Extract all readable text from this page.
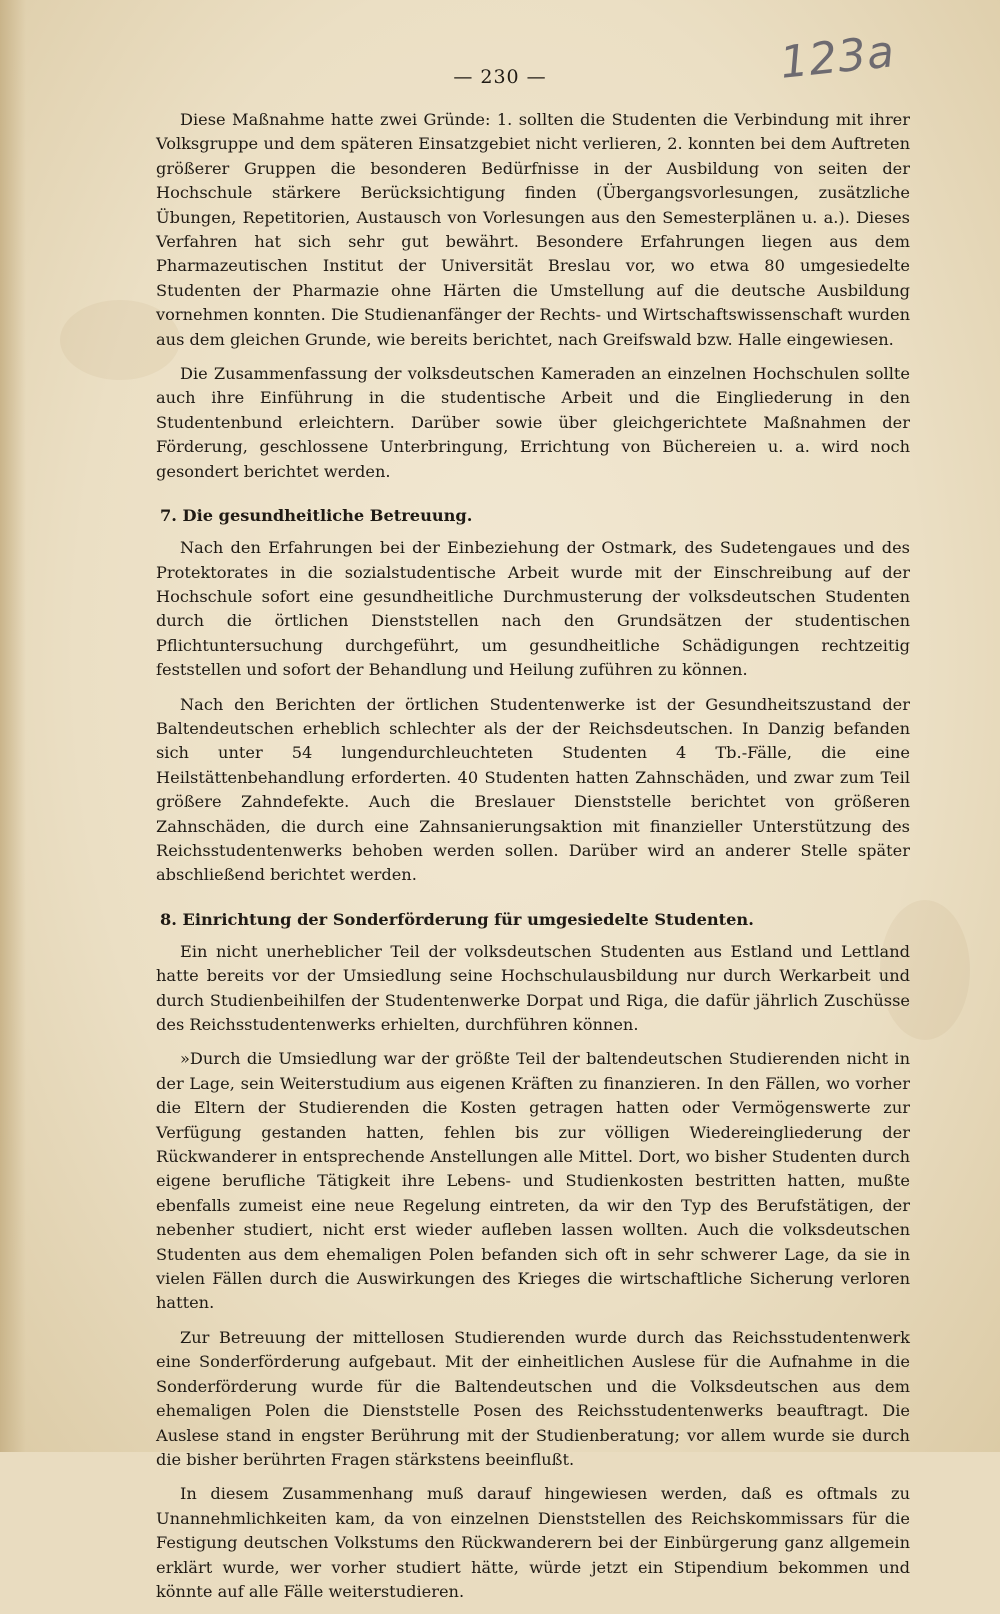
123a
— 230 —

Diese Maßnahme hatte zwei Gründe: 1. sollten die Studenten die Verbindung mit ihrer Volksgruppe und dem späteren Einsatzgebiet nicht verlieren, 2. konnten bei dem Auftreten größerer Gruppen die besonderen Bedürfnisse in der Ausbildung von seiten der Hochschule stärkere Berücksichtigung finden (Übergangsvorlesungen, zusätzliche Übungen, Repetitorien, Austausch von Vorlesungen aus den Semesterplänen u. a.). Dieses Verfahren hat sich sehr gut bewährt. Besondere Erfahrungen liegen aus dem Pharmazeutischen Institut der Universität Breslau vor, wo etwa 80 umgesiedelte Studenten der Pharmazie ohne Härten die Umstellung auf die deutsche Ausbildung vornehmen konnten. Die Studienanfänger der Rechts- und Wirtschaftswissenschaft wurden aus dem gleichen Grunde, wie bereits berichtet, nach Greifswald bzw. Halle eingewiesen.

Die Zusammenfassung der volksdeutschen Kameraden an einzelnen Hochschulen sollte auch ihre Einführung in die studentische Arbeit und die Eingliederung in den Studentenbund erleichtern. Darüber sowie über gleichgerichtete Maßnahmen der Förderung, geschlossene Unterbringung, Errichtung von Büchereien u. a. wird noch gesondert berichtet werden.

7. Die gesundheitliche Betreuung.

Nach den Erfahrungen bei der Einbeziehung der Ostmark, des Sudetengaues und des Protektorates in die sozialstudentische Arbeit wurde mit der Einschreibung auf der Hochschule sofort eine gesundheitliche Durchmusterung der volksdeutschen Studenten durch die örtlichen Dienststellen nach den Grundsätzen der studentischen Pflichtuntersuchung durchgeführt, um gesundheitliche Schädigungen rechtzeitig feststellen und sofort der Behandlung und Heilung zuführen zu können.

Nach den Berichten der örtlichen Studentenwerke ist der Gesundheitszustand der Baltendeutschen erheblich schlechter als der der Reichsdeutschen. In Danzig befanden sich unter 54 lungendurchleuchteten Studenten 4 Tb.-Fälle, die eine Heilstättenbehandlung erforderten. 40 Studenten hatten Zahnschäden, und zwar zum Teil größere Zahndefekte. Auch die Breslauer Dienststelle berichtet von größeren Zahnschäden, die durch eine Zahnsanierungsaktion mit finanzieller Unterstützung des Reichsstudentenwerks behoben werden sollen. Darüber wird an anderer Stelle später abschließend berichtet werden.

8. Einrichtung der Sonderförderung für umgesiedelte Studenten.

Ein nicht unerheblicher Teil der volksdeutschen Studenten aus Estland und Lettland hatte bereits vor der Umsiedlung seine Hochschulausbildung nur durch Werkarbeit und durch Studienbeihilfen der Studentenwerke Dorpat und Riga, die dafür jährlich Zuschüsse des Reichsstudentenwerks erhielten, durchführen können.

»Durch die Umsiedlung war der größte Teil der baltendeutschen Studierenden nicht in der Lage, sein Weiterstudium aus eigenen Kräften zu finanzieren. In den Fällen, wo vorher die Eltern der Studierenden die Kosten getragen hatten oder Vermögenswerte zur Verfügung gestanden hatten, fehlen bis zur völligen Wiedereingliederung der Rückwanderer in entsprechende Anstellungen alle Mittel. Dort, wo bisher Studenten durch eigene berufliche Tätigkeit ihre Lebens- und Studienkosten bestritten hatten, mußte ebenfalls zumeist eine neue Regelung eintreten, da wir den Typ des Berufstätigen, der nebenher studiert, nicht erst wieder aufleben lassen wollten. Auch die volksdeutschen Studenten aus dem ehemaligen Polen befanden sich oft in sehr schwerer Lage, da sie in vielen Fällen durch die Auswirkungen des Krieges die wirtschaftliche Sicherung verloren hatten.

Zur Betreuung der mittellosen Studierenden wurde durch das Reichsstudentenwerk eine Sonderförderung aufgebaut. Mit der einheitlichen Auslese für die Aufnahme in die Sonderförderung wurde für die Baltendeutschen und die Volksdeutschen aus dem ehemaligen Polen die Dienststelle Posen des Reichsstudentenwerks beauftragt. Die Auslese stand in engster Berührung mit der Studienberatung; vor allem wurde sie durch die bisher berührten Fragen stärkstens beeinflußt.

In diesem Zusammenhang muß darauf hingewiesen werden, daß es oftmals zu Unannehmlichkeiten kam, da von einzelnen Dienststellen des Reichskommissars für die Festigung deutschen Volkstums den Rückwanderern bei der Einbürgerung ganz allgemein erklärt wurde, wer vorher studiert hätte, würde jetzt ein Stipendium bekommen und könnte auf alle Fälle weiterstudieren.
